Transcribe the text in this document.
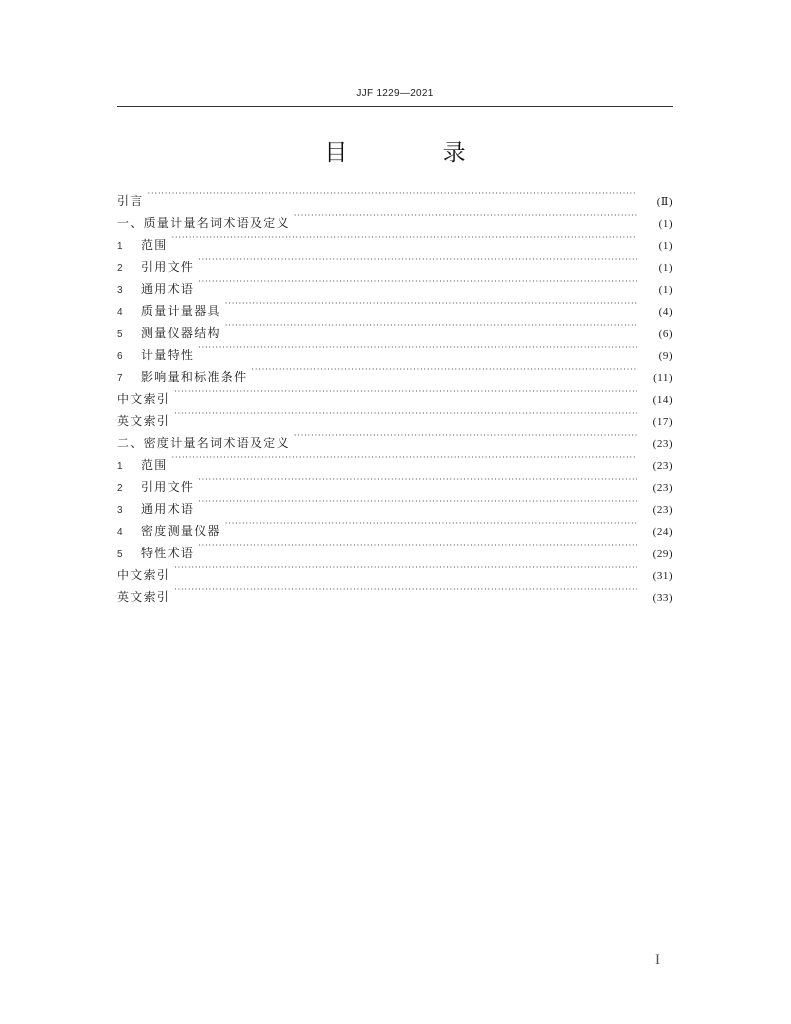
JJF 1229—2021
目 录
引言 ·····	(Ⅱ)
一、质量计量名词术语及定义 ·····	(1)
1	范围 ·····	(1)
2	引用文件 ·····	(1)
3	通用术语 ·····	(1)
4	质量计量器具 ·····	(4)
5	测量仪器结构 ·····	(6)
6	计量特性 ·····	(9)
7	影响量和标准条件 ·····	(11)
中文索引 ·····	(14)
英文索引 ·····	(17)
二、密度计量名词术语及定义 ·····	(23)
1	范围 ·····	(23)
2	引用文件 ·····	(23)
3	通用术语 ·····	(23)
4	密度测量仪器 ·····	(24)
5	特性术语 ·····	(29)
中文索引 ·····	(31)
英文索引 ·····	(33)
I
